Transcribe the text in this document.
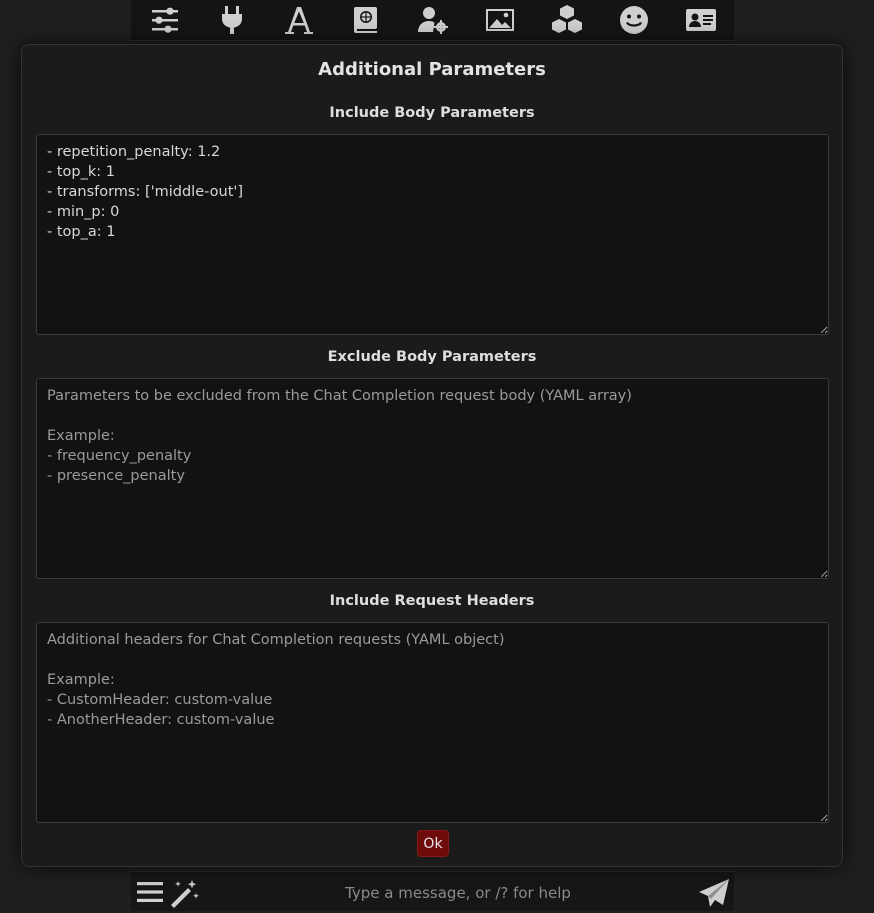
Type a message, or /? for help
Additional Parameters
Include Body Parameters
- repetition_penalty: 1.2 - top_k: 1 - transforms: ['middle-out'] - min_p: 0 - top_a: 1
Exclude Body Parameters
Parameters to be excluded from the Chat Completion request body (YAML array) Example: - frequency_penalty - presence_penalty
Include Request Headers
Additional headers for Chat Completion requests (YAML object) Example: - CustomHeader: custom-value - AnotherHeader: custom-value
Ok
